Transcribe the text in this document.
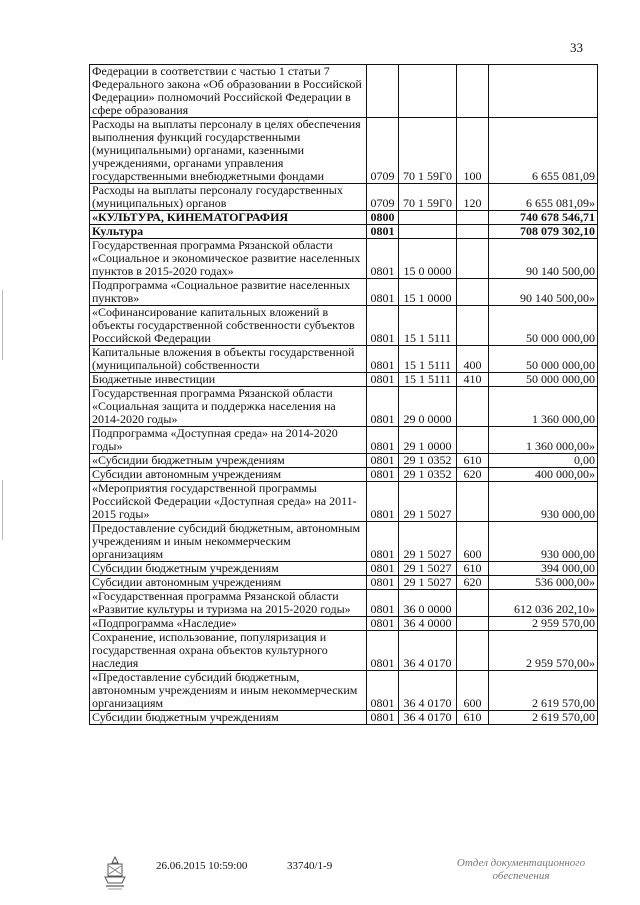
33
Федерации в соответствии с частью 1 статьи 7 Федерального закона «Об образовании в Российской Федерации» полномочий Российской Федерации в сфере образования				
Расходы на выплаты персоналу в целях обеспечения выполнения функций государственными (муниципальными) органами, казенными учреждениями, органами управления государственными внебюджетными фондами	0709	70 1 59Г0	100	6 655 081,09
Расходы на выплаты персоналу государственных (муниципальных) органов	0709	70 1 59Г0	120	6 655 081,09»
«КУЛЬТУРА, КИНЕМАТОГРАФИЯ	0800			740 678 546,71
Культура	0801			708 079 302,10
Государственная программа Рязанской области «Социальное и экономическое развитие населенных пунктов в 2015-2020 годах»	0801	15 0 0000		90 140 500,00
Подпрограмма «Социальное развитие населенных пунктов»	0801	15 1 0000		90 140 500,00»
«Софинансирование капитальных вложений в объекты государственной собственности субъектов Российской Федерации	0801	15 1 5111		50 000 000,00
Капитальные вложения в объекты государственной (муниципальной) собственности	0801	15 1 5111	400	50 000 000,00
Бюджетные инвестиции	0801	15 1 5111	410	50 000 000,00
Государственная программа Рязанской области «Социальная защита и поддержка населения на 2014-2020 годы»	0801	29 0 0000		1 360 000,00
Подпрограмма «Доступная среда» на 2014-2020 годы»	0801	29 1 0000		1 360 000,00»
«Субсидии бюджетным учреждениям	0801	29 1 0352	610	0,00
Субсидии автономным учреждениям	0801	29 1 0352	620	400 000,00»
«Мероприятия государственной программы Российской Федерации «Доступная среда» на 2011-2015 годы»	0801	29 1 5027		930 000,00
Предоставление субсидий бюджетным, автономным учреждениям и иным некоммерческим организациям	0801	29 1 5027	600	930 000,00
Субсидии бюджетным учреждениям	0801	29 1 5027	610	394 000,00
Субсидии автономным учреждениям	0801	29 1 5027	620	536 000,00»
«Государственная программа Рязанской области «Развитие культуры и туризма на 2015-2020 годы»	0801	36 0 0000		612 036 202,10»
«Подпрограмма «Наследие»	0801	36 4 0000		2 959 570,00
Сохранение, использование, популяризация и государственная охрана объектов культурного наследия	0801	36 4 0170		2 959 570,00»
«Предоставление субсидий бюджетным, автономным учреждениям и иным некоммерческим организациям	0801	36 4 0170	600	2 619 570,00
Субсидии бюджетным учреждениям	0801	36 4 0170	610	2 619 570,00
26.06.2015 10:59:00	33740/1-9	Отдел документационного обеспечения
